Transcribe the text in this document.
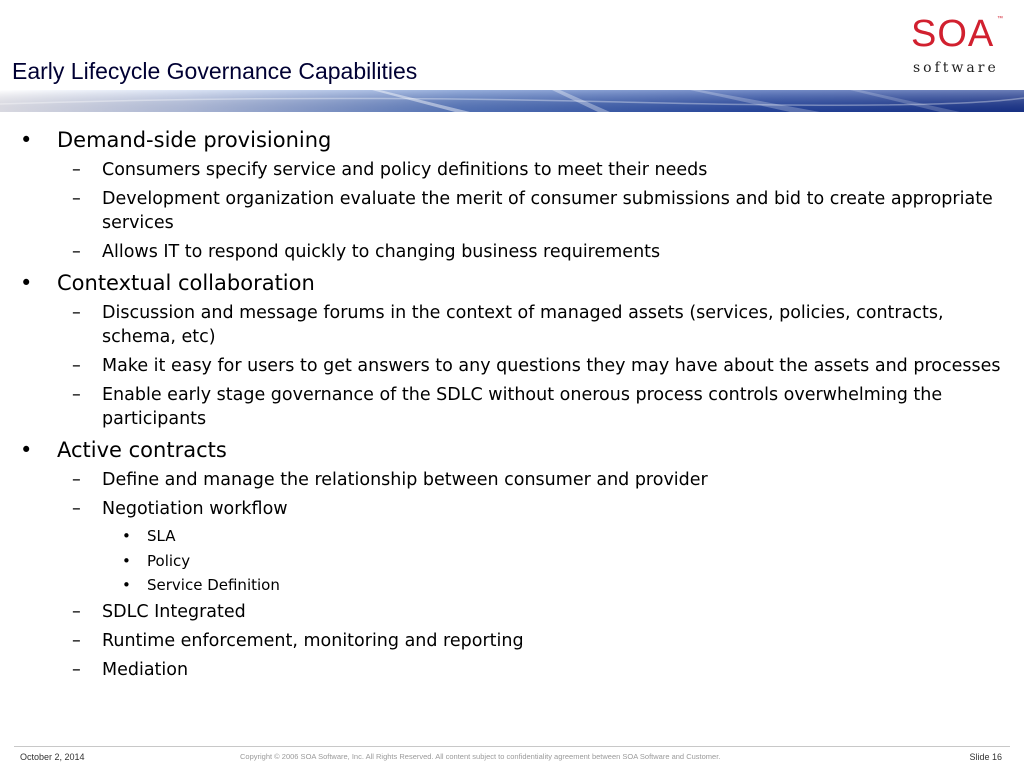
Early Lifecycle Governance Capabilities
SOA ™
software
• Demand-side provisioning
– Consumers specify service and policy definitions to meet their needs
– Development organization evaluate the merit of consumer submissions and bid to create appropriate services
– Allows IT to respond quickly to changing business requirements
• Contextual collaboration
– Discussion and message forums in the context of managed assets (services, policies, contracts, schema, etc)
– Make it easy for users to get answers to any questions they may have about the assets and processes
– Enable early stage governance of the SDLC without onerous process controls overwhelming the participants
• Active contracts
– Define and manage the relationship between consumer and provider
– Negotiation workflow
• SLA
• Policy
• Service Definition
– SDLC Integrated
– Runtime enforcement, monitoring and reporting
– Mediation
October 2, 2014	Copyright © 2006 SOA Software, Inc. All Rights Reserved. All content subject to confidentiality agreement between SOA Software and Customer.	Slide 16
